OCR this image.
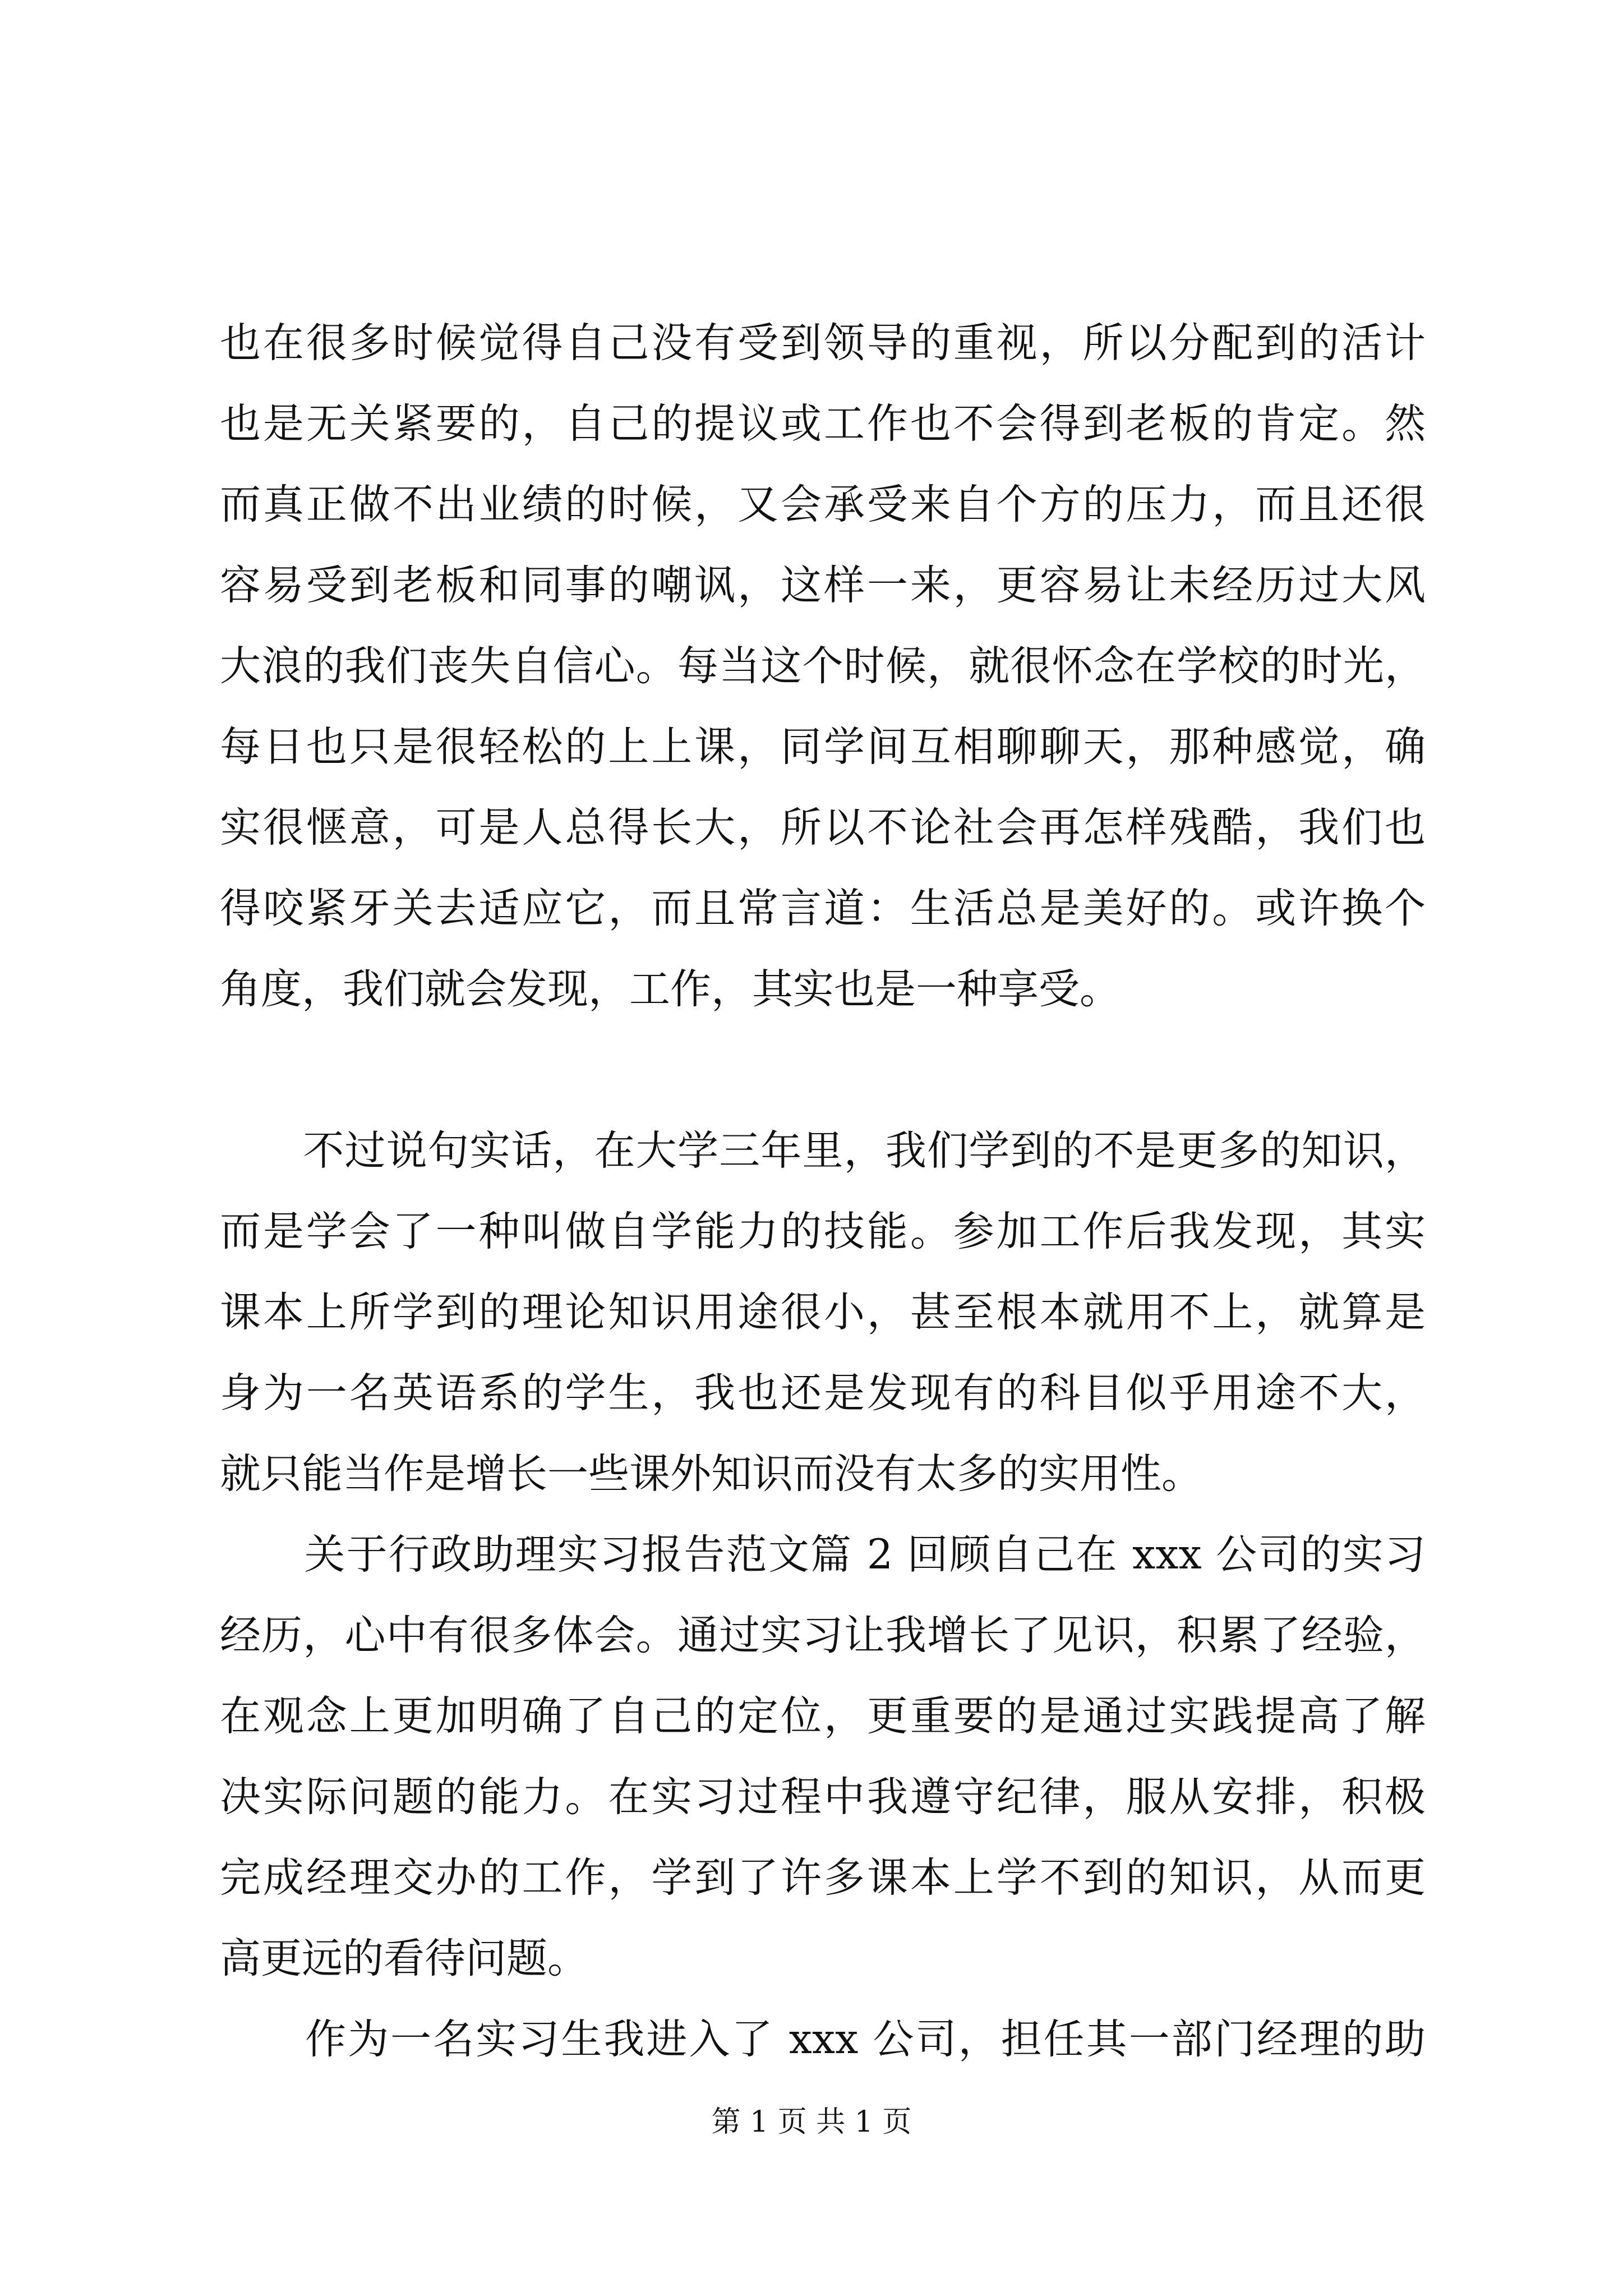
也在很多时候觉得自己没有受到领导的重视，所以分配到的活计
也是无关紧要的，自己的提议或工作也不会得到老板的肯定。然
而真正做不出业绩的时候，又会承受来自个方的压力，而且还很
容易受到老板和同事的嘲讽，这样一来，更容易让未经历过大风
大浪的我们丧失自信心。每当这个时候，就很怀念在学校的时光，
每日也只是很轻松的上上课，同学间互相聊聊天，那种感觉，确
实很惬意，可是人总得长大，所以不论社会再怎样残酷，我们也
得咬紧牙关去适应它，而且常言道：生活总是美好的。或许换个
角度，我们就会发现，工作，其实也是一种享受。

　　不过说句实话，在大学三年里，我们学到的不是更多的知识，
而是学会了一种叫做自学能力的技能。参加工作后我发现，其实
课本上所学到的理论知识用途很小，甚至根本就用不上，就算是
身为一名英语系的学生，我也还是发现有的科目似乎用途不大，
就只能当作是增长一些课外知识而没有太多的实用性。

　　关于行政助理实习报告范文篇 2 回顾自己在 xxx 公司的实习
经历，心中有很多体会。通过实习让我增长了见识，积累了经验，
在观念上更加明确了自己的定位，更重要的是通过实践提高了解
决实际问题的能力。在实习过程中我遵守纪律，服从安排，积极
完成经理交办的工作，学到了许多课本上学不到的知识，从而更
高更远的看待问题。

　　作为一名实习生我进入了 xxx 公司，担任其一部门经理的助

第 1 页 共 1 页
